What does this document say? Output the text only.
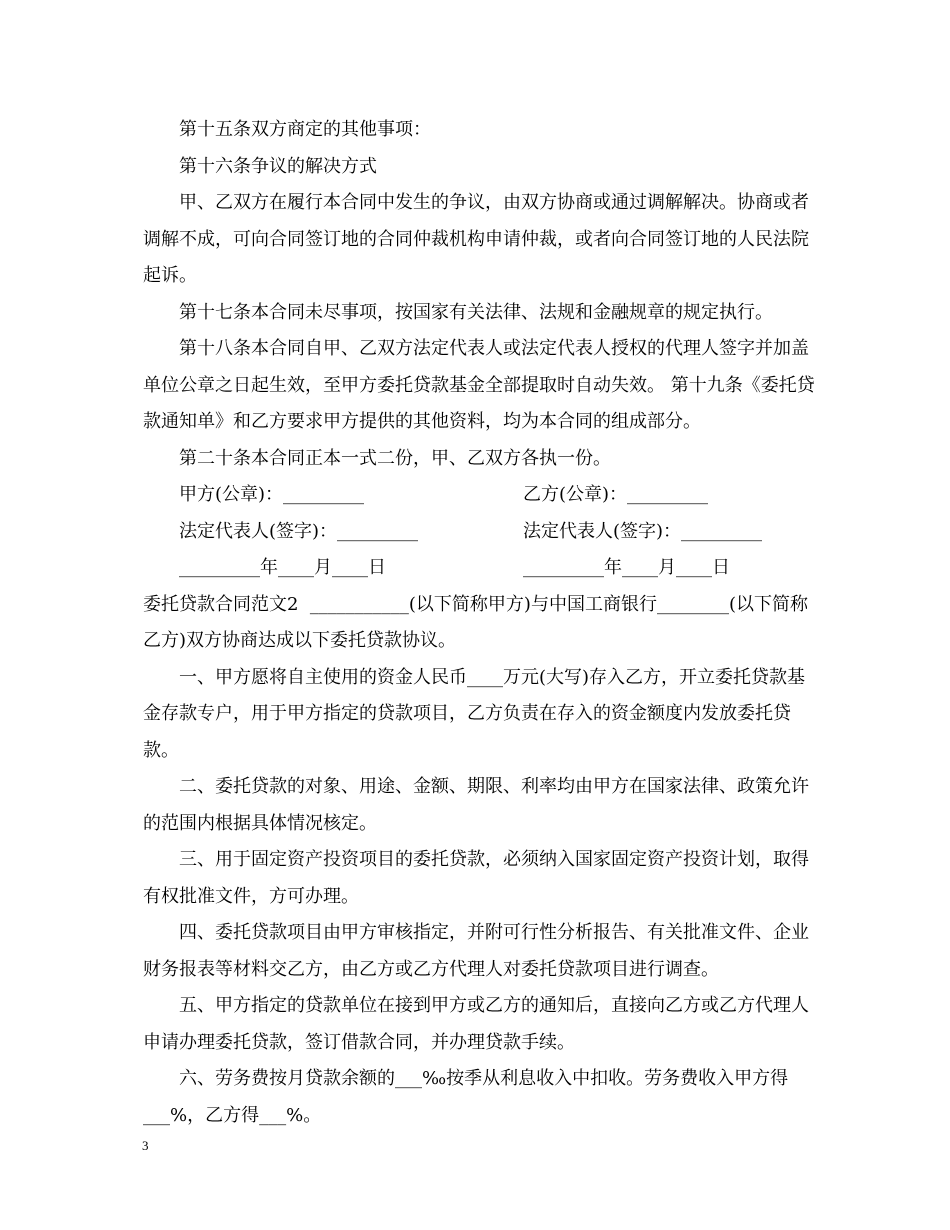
第十五条双方商定的其他事项：

第十六条争议的解决方式

甲、乙双方在履行本合同中发生的争议，由双方协商或通过调解解决。协商或者调解不成，可向合同签订地的合同仲裁机构申请仲裁，或者向合同签订地的人民法院起诉。

第十七条本合同未尽事项，按国家有关法律、法规和金融规章的规定执行。

第十八条本合同自甲、乙双方法定代表人或法定代表人授权的代理人签字并加盖单位公章之日起生效，至甲方委托贷款基金全部提取时自动失效。 第十九条《委托贷款通知单》和乙方要求甲方提供的其他资料，均为本合同的组成部分。

第二十条本合同正本一式二份，甲、乙双方各执一份。

甲方(公章)：_________	乙方(公章)：_________
法定代表人(签字)：_________	法定代表人(签字)：_________
_________年____月____日	_________年____月____日

委托贷款合同范文2  ___________(以下简称甲方)与中国工商银行________(以下简称乙方)双方协商达成以下委托贷款协议。

一、甲方愿将自主使用的资金人民币____万元(大写)存入乙方，开立委托贷款基金存款专户，用于甲方指定的贷款项目，乙方负责在存入的资金额度内发放委托贷款。

二、委托贷款的对象、用途、金额、期限、利率均由甲方在国家法律、政策允许的范围内根据具体情况核定。

三、用于固定资产投资项目的委托贷款，必须纳入国家固定资产投资计划，取得有权批准文件，方可办理。

四、委托贷款项目由甲方审核指定，并附可行性分析报告、有关批准文件、企业财务报表等材料交乙方，由乙方或乙方代理人对委托贷款项目进行调查。

五、甲方指定的贷款单位在接到甲方或乙方的通知后，直接向乙方或乙方代理人申请办理委托贷款，签订借款合同，并办理贷款手续。

六、劳务费按月贷款余额的___‰按季从利息收入中扣收。劳务费收入甲方得___%，乙方得___%。

3
